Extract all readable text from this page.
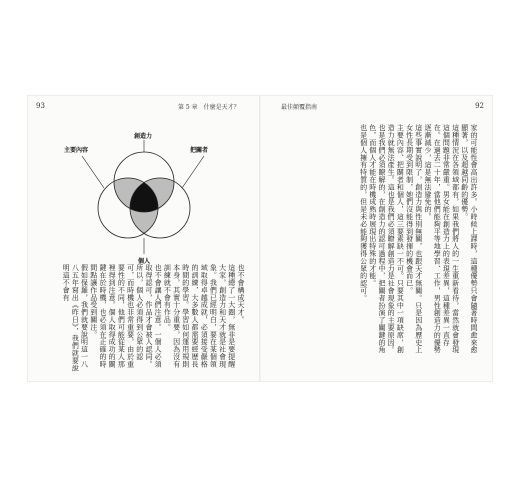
93	第 5 章　什麼是天才？
創造力
主要內容	把關者
個人
也不會構成天才。
這種總了一大圈，無非是要提醒大家，創造力和天才就是社會現象。我們已經明白，要在某個領域取得卓越成就，必須接受嚴格的訓練，大多數人都需要經歷長時間的學習。學習如何運用規則本身，其實十分重要，因為沒有訓練就不會有作品。
也不會讓人們注意。一個人必須取得認可，作品才會被人認同。所以，個人必須得到公眾的認可，而時機也非常重要，由於重要性的不同，他們可能從某人那裡得到注意。個人取得成功的關鍵在於時機，也必須在正確的時間點讓作品受到關注。
假如保羅，我們就要說明這一八八五年寫出《昨日》，我們就要說明這不會有
最佳顛覆指南	92
家的可能性會高出許多。小時候上課時，這種優勢只會隨著時間愈來愈顯著，以及超越同齡的優勢。
這種情況在各領域都有，如果我們將人的一生重新看待，當然就會發現這個問題非常嚴重。男女能在創造力上的表現差異，這種差異一直存在。在過去二十年，當他們能夠平等地學習、工作，男性創造力的優勢逐漸減少，這是無法避免的。
這些事實說明了，創造力與性別無關，也跟天才無關。只是因為歷史上女性長期受到限制，她們沒能得到發揮的機會而已。
主要內容、把關者和個人，這三要素缺一不可。只要其中一項缺席，創造力就無法產生。這也是我們必須瞭解創造力是社會現象的主要原因。
也是我們必須瞭解的，在創造力的認可過程中，把關者扮演了關鍵的角色，而個人才能在時機成熟時展現出特殊的才能。
也是個人擁有特質的，但是未必能夠獲得公眾的認可。
